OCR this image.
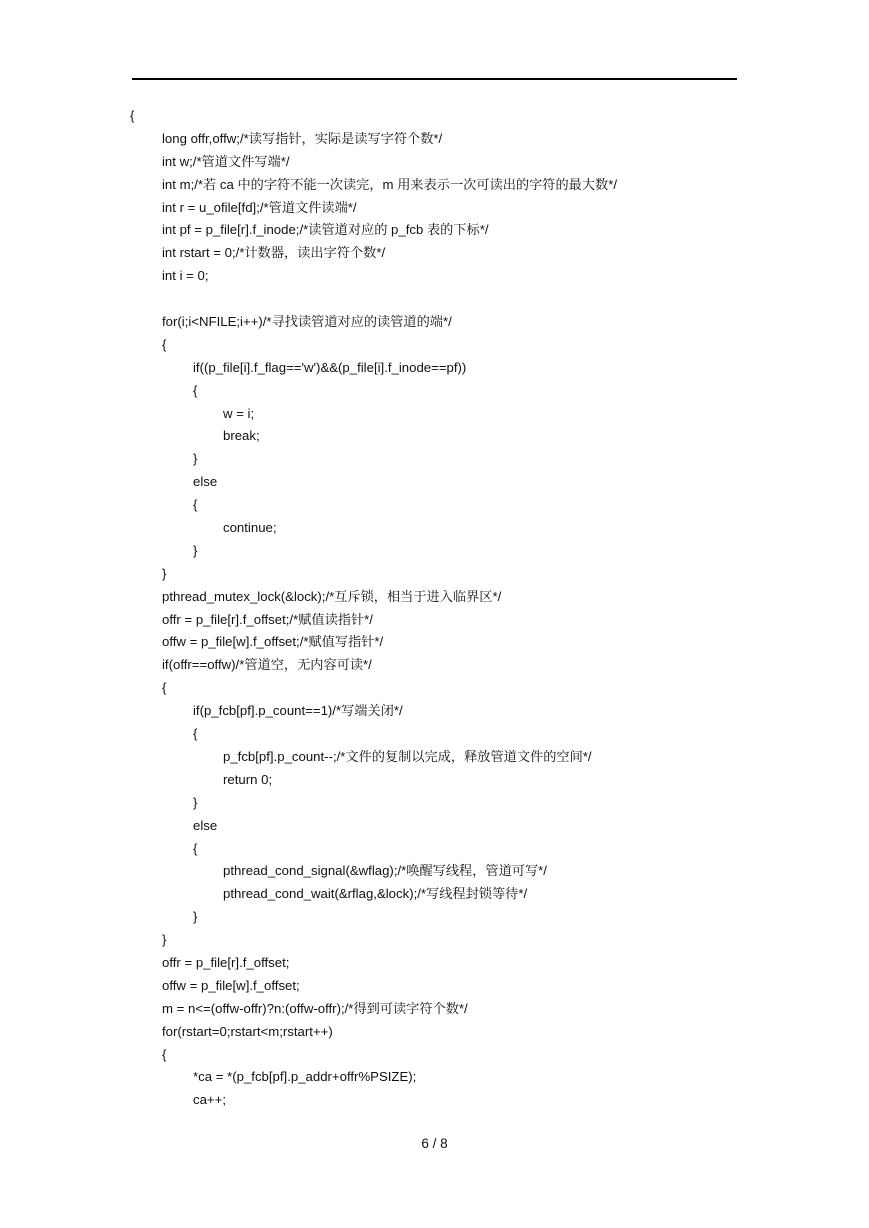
{
long offr,offw;/*读写指针，实际是读写字符个数*/
int w;/*管道文件写端*/
int m;/*若 ca 中的字符不能一次读完，m 用来表示一次可读出的字符的最大数*/
int r = u_ofile[fd];/*管道文件读端*/
int pf = p_file[r].f_inode;/*读管道对应的 p_fcb 表的下标*/
int rstart = 0;/*计数器，读出字符个数*/
int i = 0;
for(i;i<NFILE;i++)/*寻找读管道对应的读管道的端*/
{
if((p_file[i].f_flag=='w')&&(p_file[i].f_inode==pf))
{
w = i;
break;
}
else
{
continue;
}
}
pthread_mutex_lock(&lock);/*互斥锁，相当于进入临界区*/
offr = p_file[r].f_offset;/*赋值读指针*/
offw = p_file[w].f_offset;/*赋值写指针*/
if(offr==offw)/*管道空，无内容可读*/
{
if(p_fcb[pf].p_count==1)/*写端关闭*/
{
p_fcb[pf].p_count--;/*文件的复制以完成，释放管道文件的空间*/
return 0;
}
else
{
pthread_cond_signal(&wflag);/*唤醒写线程，管道可写*/
pthread_cond_wait(&rflag,&lock);/*写线程封锁等待*/
}
}
offr = p_file[r].f_offset;
offw = p_file[w].f_offset;
m = n<=(offw-offr)?n:(offw-offr);/*得到可读字符个数*/
for(rstart=0;rstart<m;rstart++)
{
*ca = *(p_fcb[pf].p_addr+offr%PSIZE);
ca++;
6 / 8
